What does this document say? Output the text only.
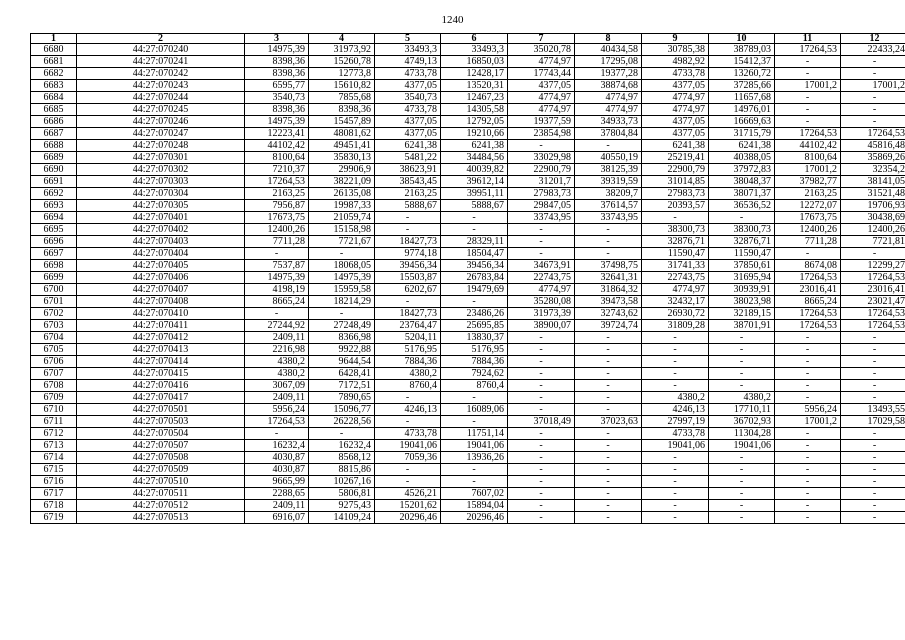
1240
1	2	3	4	5	6	7	8	9	10	11	12
6680	44:27:070240	14975,39	31973,92	33493,3	33493,3	35020,78	40434,58	30785,38	38789,03	17264,53	22433,24
6681	44:27:070241	8398,36	15260,78	4749,13	16850,03	4774,97	17295,08	4982,92	15412,37	-	-
6682	44:27:070242	8398,36	12773,8	4733,78	12428,17	17743,44	19377,28	4733,78	13260,72	-	-
6683	44:27:070243	6595,77	15610,82	4377,05	13520,31	4377,05	38874,68	4377,05	37285,66	17001,2	17001,2
6684	44:27:070244	3540,73	7855,68	3540,73	12467,23	4774,97	4774,97	4774,97	11657,68	-	-
6685	44:27:070245	8398,36	8398,36	4733,78	14305,58	4774,97	4774,97	4774,97	14976,01	-	-
6686	44:27:070246	14975,39	15457,89	4377,05	12792,05	19377,59	34933,73	4377,05	16669,63	-	-
6687	44:27:070247	12223,41	48081,62	4377,05	19210,66	23854,98	37804,84	4377,05	31715,79	17264,53	17264,53
6688	44:27:070248	44102,42	49451,41	6241,38	6241,38	-	-	6241,38	6241,38	44102,42	45816,48
6689	44:27:070301	8100,64	35830,13	5481,22	34484,56	33029,98	40550,19	25219,41	40388,05	8100,64	35869,26
6690	44:27:070302	7210,37	29906,9	38623,91	40039,82	22900,79	38125,39	22900,79	37972,83	17001,2	32354,2
6691	44:27:070303	17264,53	38221,09	38543,45	39612,14	31201,7	39319,59	31014,85	38048,37	37982,77	38141,05
6692	44:27:070304	2163,25	26135,08	2163,25	39951,11	27983,73	38209,7	27983,73	38071,37	2163,25	31521,48
6693	44:27:070305	7956,87	19987,33	5888,67	5888,67	29847,05	37614,57	20393,57	36536,52	12272,07	19706,93
6694	44:27:070401	17673,75	21059,74	-	-	33743,95	33743,95	-	-	17673,75	30438,69
6695	44:27:070402	12400,26	15158,98	-	-	-	-	38300,73	38300,73	12400,26	12400,26
6696	44:27:070403	7711,28	7721,67	18427,73	28329,11	-	-	32876,71	32876,71	7711,28	7721,81
6697	44:27:070404	-	-	9774,18	18504,47	-	-	11590,47	11590,47	-	-
6698	44:27:070405	7537,87	18068,05	39456,34	39456,34	34673,91	37498,75	31741,33	37850,61	8674,08	12299,27
6699	44:27:070406	14975,39	14975,39	15503,87	26783,84	22743,75	32641,31	22743,75	31695,94	17264,53	17264,53
6700	44:27:070407	4198,19	15959,58	6202,67	19479,69	4774,97	31864,32	4774,97	30939,91	23016,41	23016,41
6701	44:27:070408	8665,24	18214,29	-	-	35280,08	39473,58	32432,17	38023,98	8665,24	23021,47
6702	44:27:070410	-	-	18427,73	23486,26	31973,39	32743,62	26930,72	32189,15	17264,53	17264,53
6703	44:27:070411	27244,92	27248,49	23764,47	25695,85	38900,07	39724,74	31809,28	38701,91	17264,53	17264,53
6704	44:27:070412	2409,11	8366,98	5204,11	13830,37	-	-	-	-	-	-
6705	44:27:070413	2216,98	9922,88	5176,95	5176,95	-	-	-	-	-	-
6706	44:27:070414	4380,2	9644,54	7884,36	7884,36	-	-	-	-	-	-
6707	44:27:070415	4380,2	6428,41	4380,2	7924,62	-	-	-	-	-	-
6708	44:27:070416	3067,09	7172,51	8760,4	8760,4	-	-	-	-	-	-
6709	44:27:070417	2409,11	7890,65	-	-	-	-	4380,2	4380,2	-	-
6710	44:27:070501	5956,24	15096,77	4246,13	16089,06	-	-	4246,13	17710,11	5956,24	13493,55
6711	44:27:070503	17264,53	26228,56	-	-	37018,49	37023,63	27997,19	36702,93	17001,2	17029,58
6712	44:27:070504	-	-	4733,78	11751,14	-	-	4733,78	11304,28	-	-
6713	44:27:070507	16232,4	16232,4	19041,06	19041,06	-	-	19041,06	19041,06	-	-
6714	44:27:070508	4030,87	8568,12	7059,36	13936,26	-	-	-	-	-	-
6715	44:27:070509	4030,87	8815,86	-	-	-	-	-	-	-	-
6716	44:27:070510	9665,99	10267,16	-	-	-	-	-	-	-	-
6717	44:27:070511	2288,65	5806,81	4526,21	7607,02	-	-	-	-	-	-
6718	44:27:070512	2409,11	9275,43	15201,62	15894,04	-	-	-	-	-	-
6719	44:27:070513	6916,07	14109,24	20296,46	20296,46	-	-	-	-	-	-
